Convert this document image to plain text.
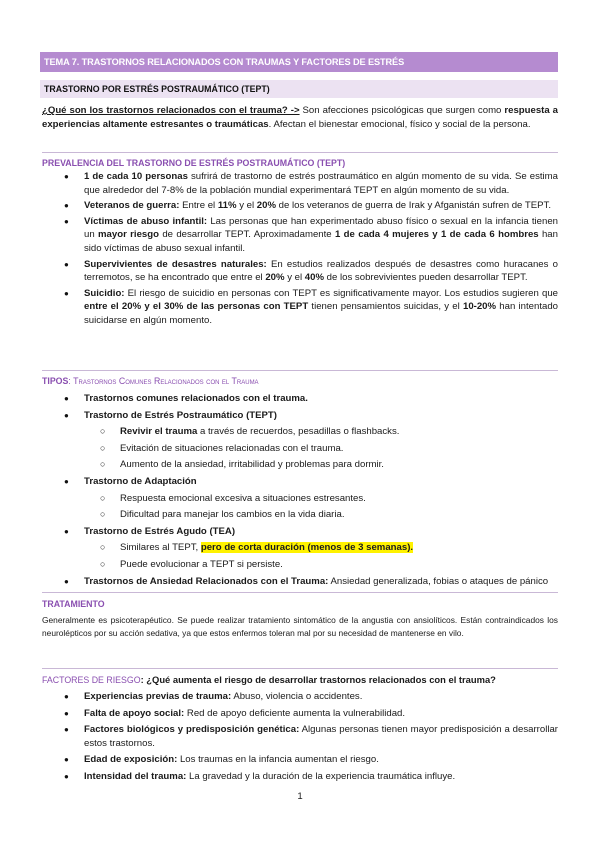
TEMA 7. TRASTORNOS RELACIONADOS CON TRAUMAS Y FACTORES DE ESTRÉS
TRASTORNO POR ESTRÉS POSTRAUMÁTICO (TEPT)
¿Qué son los trastornos relacionados con el trauma? -> Son afecciones psicológicas que surgen como respuesta a experiencias altamente estresantes o traumáticas. Afectan el bienestar emocional, físico y social de la persona.
PREVALENCIA DEL TRASTORNO DE ESTRÉS POSTRAUMÁTICO (TEPT)
● 1 de cada 10 personas sufrirá de trastorno de estrés postraumático en algún momento de su vida. Se estima que alrededor del 7-8% de la población mundial experimentará TEPT en algún momento de su vida.
● Veteranos de guerra: Entre el 11% y el 20% de los veteranos de guerra de Irak y Afganistán sufren de TEPT.
● Víctimas de abuso infantil: Las personas que han experimentado abuso físico o sexual en la infancia tienen un mayor riesgo de desarrollar TEPT. Aproximadamente 1 de cada 4 mujeres y 1 de cada 6 hombres han sido víctimas de abuso sexual infantil.
● Supervivientes de desastres naturales: En estudios realizados después de desastres como huracanes o terremotos, se ha encontrado que entre el 20% y el 40% de los sobrevivientes pueden desarrollar TEPT.
● Suicidio: El riesgo de suicidio en personas con TEPT es significativamente mayor. Los estudios sugieren que entre el 20% y el 30% de las personas con TEPT tienen pensamientos suicidas, y el 10-20% han intentado suicidarse en algún momento.
TIPOS: Trastornos Comunes Relacionados con el Trauma
● Trastornos comunes relacionados con el trauma.
● Trastorno de Estrés Postraumático (TEPT)
○ Revivir el trauma a través de recuerdos, pesadillas o flashbacks.
○ Evitación de situaciones relacionadas con el trauma.
○ Aumento de la ansiedad, irritabilidad y problemas para dormir.
● Trastorno de Adaptación
○ Respuesta emocional excesiva a situaciones estresantes.
○ Dificultad para manejar los cambios en la vida diaria.
● Trastorno de Estrés Agudo (TEA)
○ Similares al TEPT, pero de corta duración (menos de 3 semanas).
○ Puede evolucionar a TEPT si persiste.
● Trastornos de Ansiedad Relacionados con el Trauma: Ansiedad generalizada, fobias o ataques de pánico
TRATAMIENTO
Generalmente es psicoterapéutico. Se puede realizar tratamiento sintomático de la angustia con ansiolíticos. Están contraindicados los neurolépticos por su acción sedativa, ya que estos enfermos toleran mal por su necesidad de mantenerse en vilo.
FACTORES DE RIESGO: ¿Qué aumenta el riesgo de desarrollar trastornos relacionados con el trauma?
● Experiencias previas de trauma: Abuso, violencia o accidentes.
● Falta de apoyo social: Red de apoyo deficiente aumenta la vulnerabilidad.
● Factores biológicos y predisposición genética: Algunas personas tienen mayor predisposición a desarrollar estos trastornos.
● Edad de exposición: Los traumas en la infancia aumentan el riesgo.
● Intensidad del trauma: La gravedad y la duración de la experiencia traumática influye.
1
